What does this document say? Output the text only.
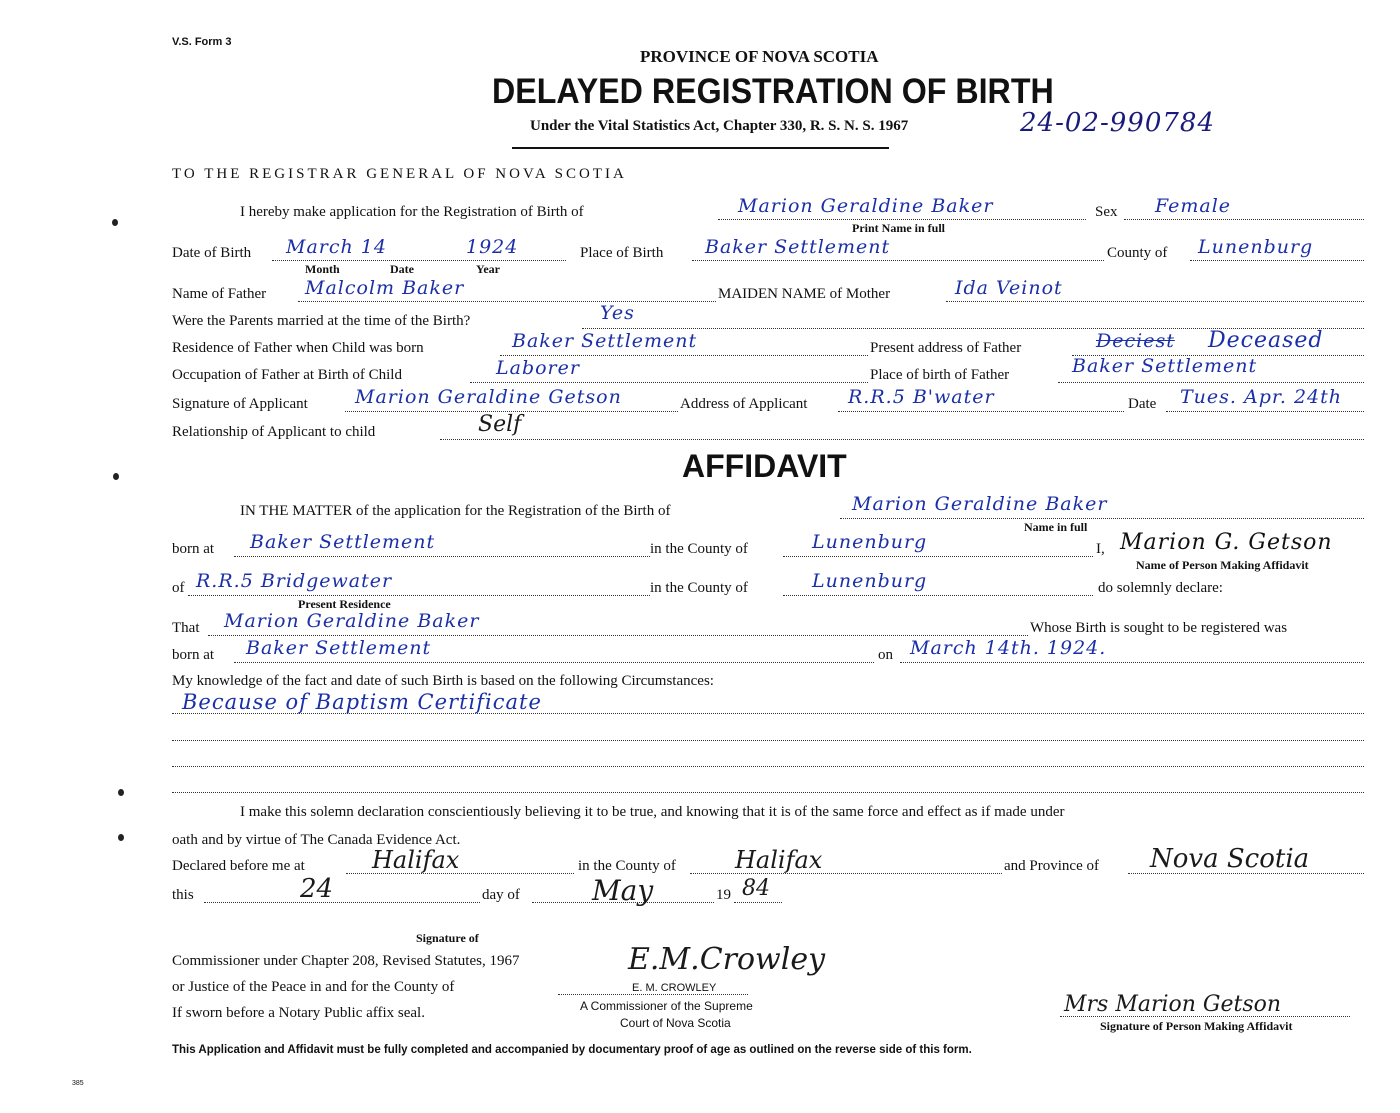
V.S. Form 3
PROVINCE OF NOVA SCOTIA
DELAYED REGISTRATION OF BIRTH
Under the Vital Statistics Act, Chapter 330, R. S. N. S. 1967	24-02-990784
TO THE REGISTRAR GENERAL OF NOVA SCOTIA
I hereby make application for the Registration of Birth of	Marion Geraldine Baker	Sex Female
Print Name in full
Date of Birth March 14	1924	Place of Birth Baker Settlement	County of Lunenburg
Month	Date	Year
Name of Father Malcolm Baker	MAIDEN NAME of Mother	Ida Veinot
Were the Parents married at the time of the Birth?	Yes
Residence of Father when Child was born	Baker Settlement	Present address of Father	Deciest Deceased
Occupation of Father at Birth of Child	Laborer	Place of birth of Father	Baker Settlement
Signature of Applicant Marion Geraldine Getson	Address of Applicant R.R.5 B'water	Date Tues. Apr. 24th
Relationship of Applicant to child	Self
AFFIDAVIT
IN THE MATTER of the application for the Registration of the Birth of	Marion Geraldine Baker
Name in full
born at Baker Settlement	in the County of	Lunenburg	I, Marion G. Getson
Name of Person Making Affidavit
of R.R.5 Bridgewater	in the County of	Lunenburg	do solemnly declare:
Present Residence
That Marion Geraldine Baker	Whose Birth is sought to be registered was
born at Baker Settlement	on March 14th. 1924.
My knowledge of the fact and date of such Birth is based on the following Circumstances:
Because of Baptism Certificate
I make this solemn declaration conscientiously believing it to be true, and knowing that it is of the same force and effect as if made under
oath and by virtue of The Canada Evidence Act.
Declared before me at	Halifax	in the County of Halifax	and Province of Nova Scotia
this	24	day of	May	19 84
Signature of
Commissioner under Chapter 208, Revised Statutes, 1967
or Justice of the Peace in and for the County of
If sworn before a Notary Public affix seal.
E.M.Crowley
E. M. CROWLEY
A Commissioner of the Supreme
Court of Nova Scotia
Mrs Marion Getson
Signature of Person Making Affidavit
This Application and Affidavit must be fully completed and accompanied by documentary proof of age as outlined on the reverse side of this form.
385
